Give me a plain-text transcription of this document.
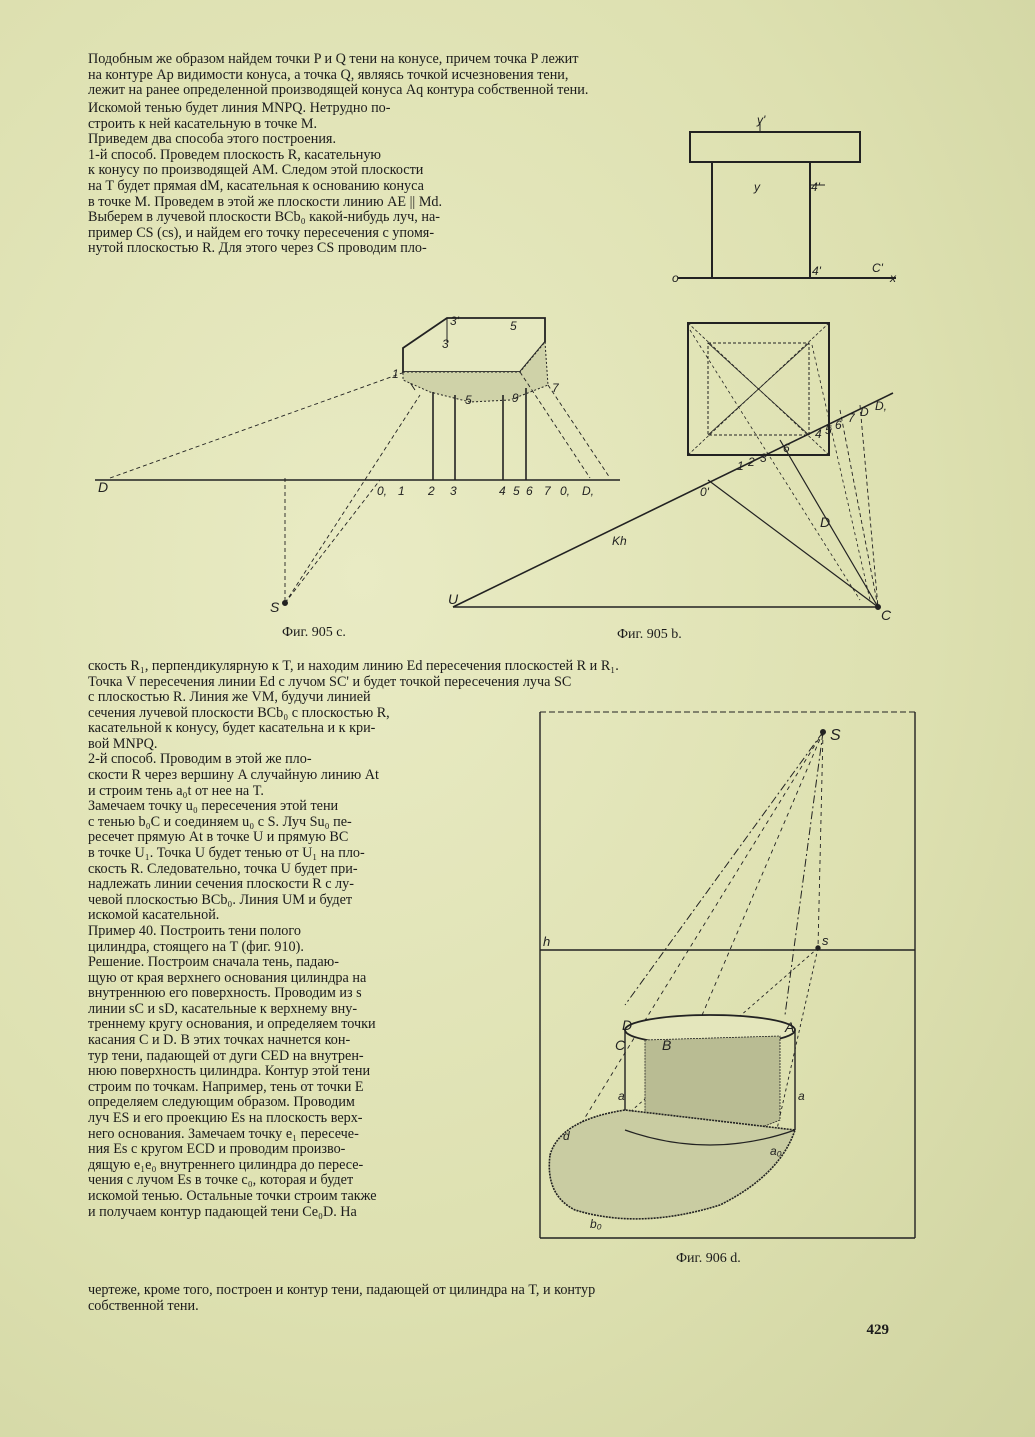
Подобным же образом найдем точки P и Q тени на конусе, причем точка P лежит
на контуре Ap видимости конуса, а точка Q, являясь точкой исчезновения тени,
лежит на ранее определенной производящей конуса Aq контура собственной тени.
Искомой тенью будет линия MNPQ. Нетрудно по-
строить к ней касательную в точке M.
Приведем два способа этого построения.
1-й способ. Проведем плоскость R, касательную
к конусу по производящей AM. Следом этой плоскости
на T будет прямая dM, касательная к основанию конуса
в точке M. Проведем в этой же плоскости линию AE || Md.
Выберем в лучевой плоскости BCb₀ какой-нибудь луч, на-
пример CS (cs), и найдем его точку пересечения с упомя-
нутой плоскостью R. Для этого через CS проводим пло-
скость R₁, перпендикулярную к T, и находим линию Ed пересечения плоскостей R и R₁.
Точка V пересечения линии Ed с лучом SC' и будет точкой пересечения луча SC
с плоскостью R. Линия же VM, будучи линией
сечения лучевой плоскости BCb₀ с плоскостью R,
касательной к конусу, будет касательна и к кри-
вой MNPQ.
2-й способ. Проводим в этой же пло-
скости R через вершину A случайную линию At
и строим тень a₀t от нее на T.
Замечаем точку u₀ пересечения этой тени
с тенью b₀C и соединяем u₀ с S. Луч Su₀ пе-
ресечет прямую At в точке U и прямую BC
в точке U₁. Точка U будет тенью от U₁ на пло-
скость R. Следовательно, точка U будет при-
надлежать линии сечения плоскости R с лу-
чевой плоскостью BCb₀. Линия UM и будет
искомой касательной.
Пример 40. Построить тени полого
цилиндра, стоящего на T (фиг. 910).
Решение. Построим сначала тень, падаю-
щую от края верхнего основания цилиндра на
внутреннюю его поверхность. Проводим из s
линии sC и sD, касательные к верхнему вну-
треннему кругу основания, и определяем точки
касания C и D. В этих точках начнется кон-
тур тени, падающей от дуги CED на внутрен-
нюю поверхность цилиндра. Контур этой тени
строим по точкам. Например, тень от точки E
определяем следующим образом. Проводим
луч ES и его проекцию Es на плоскость верх-
него основания. Замечаем точку e₁ пересече-
ния Es с кругом ECD и проводим произво-
дящую e₁e₀ внутреннего цилиндра до пересе-
чения с лучом Es в точке c₀, которая и будет
искомой тенью. Остальные точки строим также
и получаем контур падающей тени Ce₀D. На
чертеже, кроме того, построен и контур тени, падающей от цилиндра на T, и контур
собственной тени.
y'
y	4'
o	4'	C'
x
D
S
3'	5
3
1
7
9
5
0, 1 2 3	4 5 6 7 0, D,
D
Kh
U
C
0'
1 2 3
6
4 5 6 7 D D,
S
s
h
D
C	B
A
a	a
a₀
b₀
d
Фиг. 905 c.	Фиг. 905 b.
Фиг. 906 d.
429
